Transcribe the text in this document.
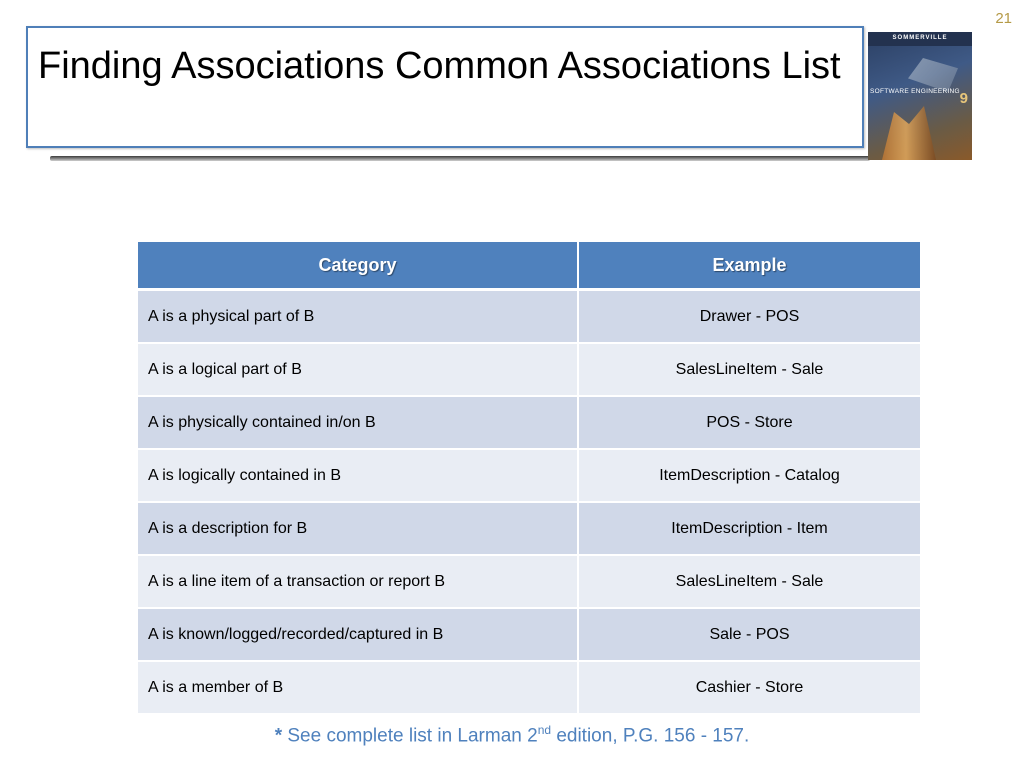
21
Finding Associations Common Associations List
SOMMERVILLE
SOFTWARE ENGINEERING 9
Category	Example
A is a physical part of B	Drawer - POS
A is a logical part of B	SalesLineItem - Sale
A is physically contained in/on B	POS - Store
A is logically contained in B	ItemDescription - Catalog
A is a description for B	ItemDescription - Item
A is a line item of a transaction or report B	SalesLineItem - Sale
A is known/logged/recorded/captured in B	Sale - POS
A is a member of B	Cashier - Store
* See complete list in Larman 2nd edition, P.G. 156 - 157.
